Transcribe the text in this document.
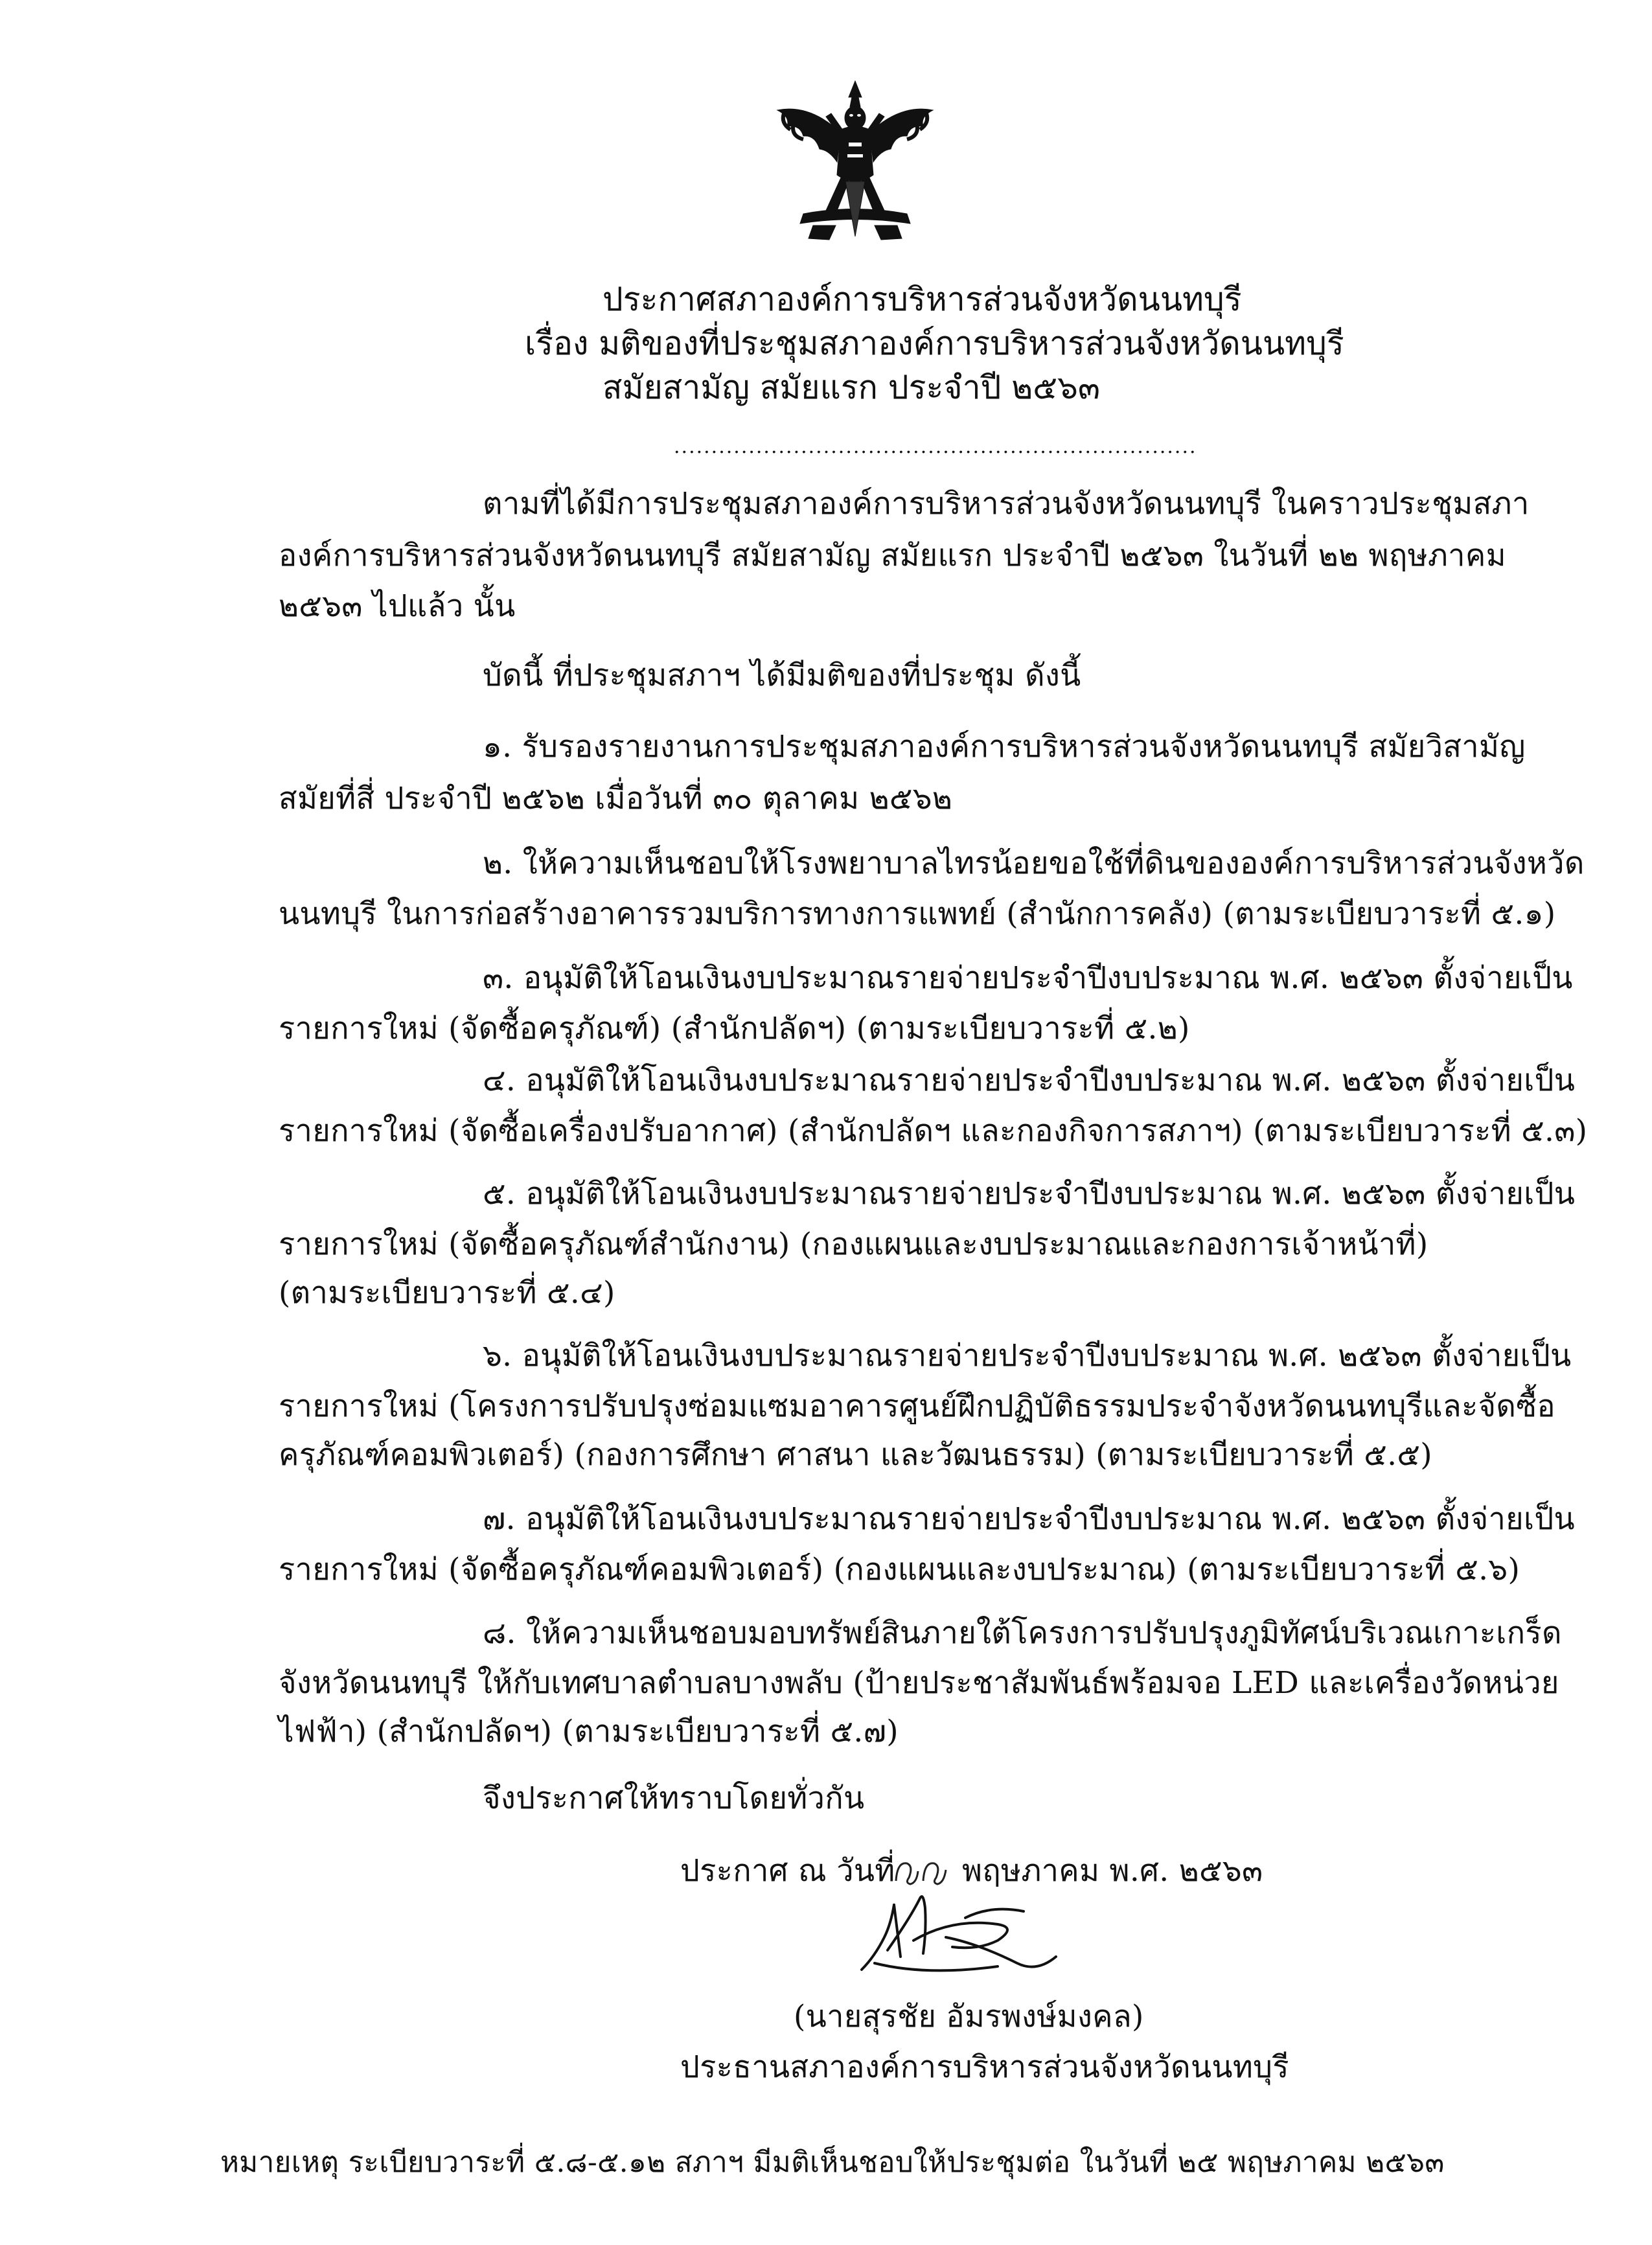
ประกาศสภาองค์การบริหารส่วนจังหวัดนนทบุรี
เรื่อง มติของที่ประชุมสภาองค์การบริหารส่วนจังหวัดนนทบุรี
สมัยสามัญ สมัยแรก ประจำปี ๒๕๖๓
......................................................................
ตามที่ได้มีการประชุมสภาองค์การบริหารส่วนจังหวัดนนทบุรี ในคราวประชุมสภา
องค์การบริหารส่วนจังหวัดนนทบุรี สมัยสามัญ สมัยแรก ประจำปี ๒๕๖๓ ในวันที่ ๒๒ พฤษภาคม
๒๕๖๓ ไปแล้ว นั้น
บัดนี้ ที่ประชุมสภาฯ ได้มีมติของที่ประชุม ดังนี้
๑. รับรองรายงานการประชุมสภาองค์การบริหารส่วนจังหวัดนนทบุรี สมัยวิสามัญ
สมัยที่สี่ ประจำปี ๒๕๖๒ เมื่อวันที่ ๓๐ ตุลาคม ๒๕๖๒
๒. ให้ความเห็นชอบให้โรงพยาบาลไทรน้อยขอใช้ที่ดินขององค์การบริหารส่วนจังหวัด
นนทบุรี ในการก่อสร้างอาคารรวมบริการทางการแพทย์ (สำนักการคลัง) (ตามระเบียบวาระที่ ๕.๑)
๓. อนุมัติให้โอนเงินงบประมาณรายจ่ายประจำปีงบประมาณ พ.ศ. ๒๕๖๓ ตั้งจ่ายเป็น
รายการใหม่ (จัดซื้อครุภัณฑ์) (สำนักปลัดฯ) (ตามระเบียบวาระที่ ๕.๒)
๔. อนุมัติให้โอนเงินงบประมาณรายจ่ายประจำปีงบประมาณ พ.ศ. ๒๕๖๓ ตั้งจ่ายเป็น
รายการใหม่ (จัดซื้อเครื่องปรับอากาศ) (สำนักปลัดฯ และกองกิจการสภาฯ) (ตามระเบียบวาระที่ ๕.๓)
๕. อนุมัติให้โอนเงินงบประมาณรายจ่ายประจำปีงบประมาณ พ.ศ. ๒๕๖๓ ตั้งจ่ายเป็น
รายการใหม่ (จัดซื้อครุภัณฑ์สำนักงาน) (กองแผนและงบประมาณและกองการเจ้าหน้าที่)
(ตามระเบียบวาระที่ ๕.๔)
๖. อนุมัติให้โอนเงินงบประมาณรายจ่ายประจำปีงบประมาณ พ.ศ. ๒๕๖๓ ตั้งจ่ายเป็น
รายการใหม่ (โครงการปรับปรุงซ่อมแซมอาคารศูนย์ฝึกปฏิบัติธรรมประจำจังหวัดนนทบุรีและจัดซื้อ
ครุภัณฑ์คอมพิวเตอร์) (กองการศึกษา ศาสนา และวัฒนธรรม) (ตามระเบียบวาระที่ ๕.๕)
๗. อนุมัติให้โอนเงินงบประมาณรายจ่ายประจำปีงบประมาณ พ.ศ. ๒๕๖๓ ตั้งจ่ายเป็น
รายการใหม่ (จัดซื้อครุภัณฑ์คอมพิวเตอร์) (กองแผนและงบประมาณ) (ตามระเบียบวาระที่ ๕.๖)
๘. ให้ความเห็นชอบมอบทรัพย์สินภายใต้โครงการปรับปรุงภูมิทัศน์บริเวณเกาะเกร็ด
จังหวัดนนทบุรี ให้กับเทศบาลตำบลบางพลับ (ป้ายประชาสัมพันธ์พร้อมจอ LED และเครื่องวัดหน่วย
ไฟฟ้า) (สำนักปลัดฯ) (ตามระเบียบวาระที่ ๕.๗)
จึงประกาศให้ทราบโดยทั่วกัน
ประกาศ ณ วันที่ พฤษภาคม พ.ศ. ๒๕๖๓
(นายสุรชัย อัมรพงษ์มงคล)
ประธานสภาองค์การบริหารส่วนจังหวัดนนทบุรี
หมายเหตุ ระเบียบวาระที่ ๕.๘-๕.๑๒ สภาฯ มีมติเห็นชอบให้ประชุมต่อ ในวันที่ ๒๕ พฤษภาคม ๒๕๖๓
